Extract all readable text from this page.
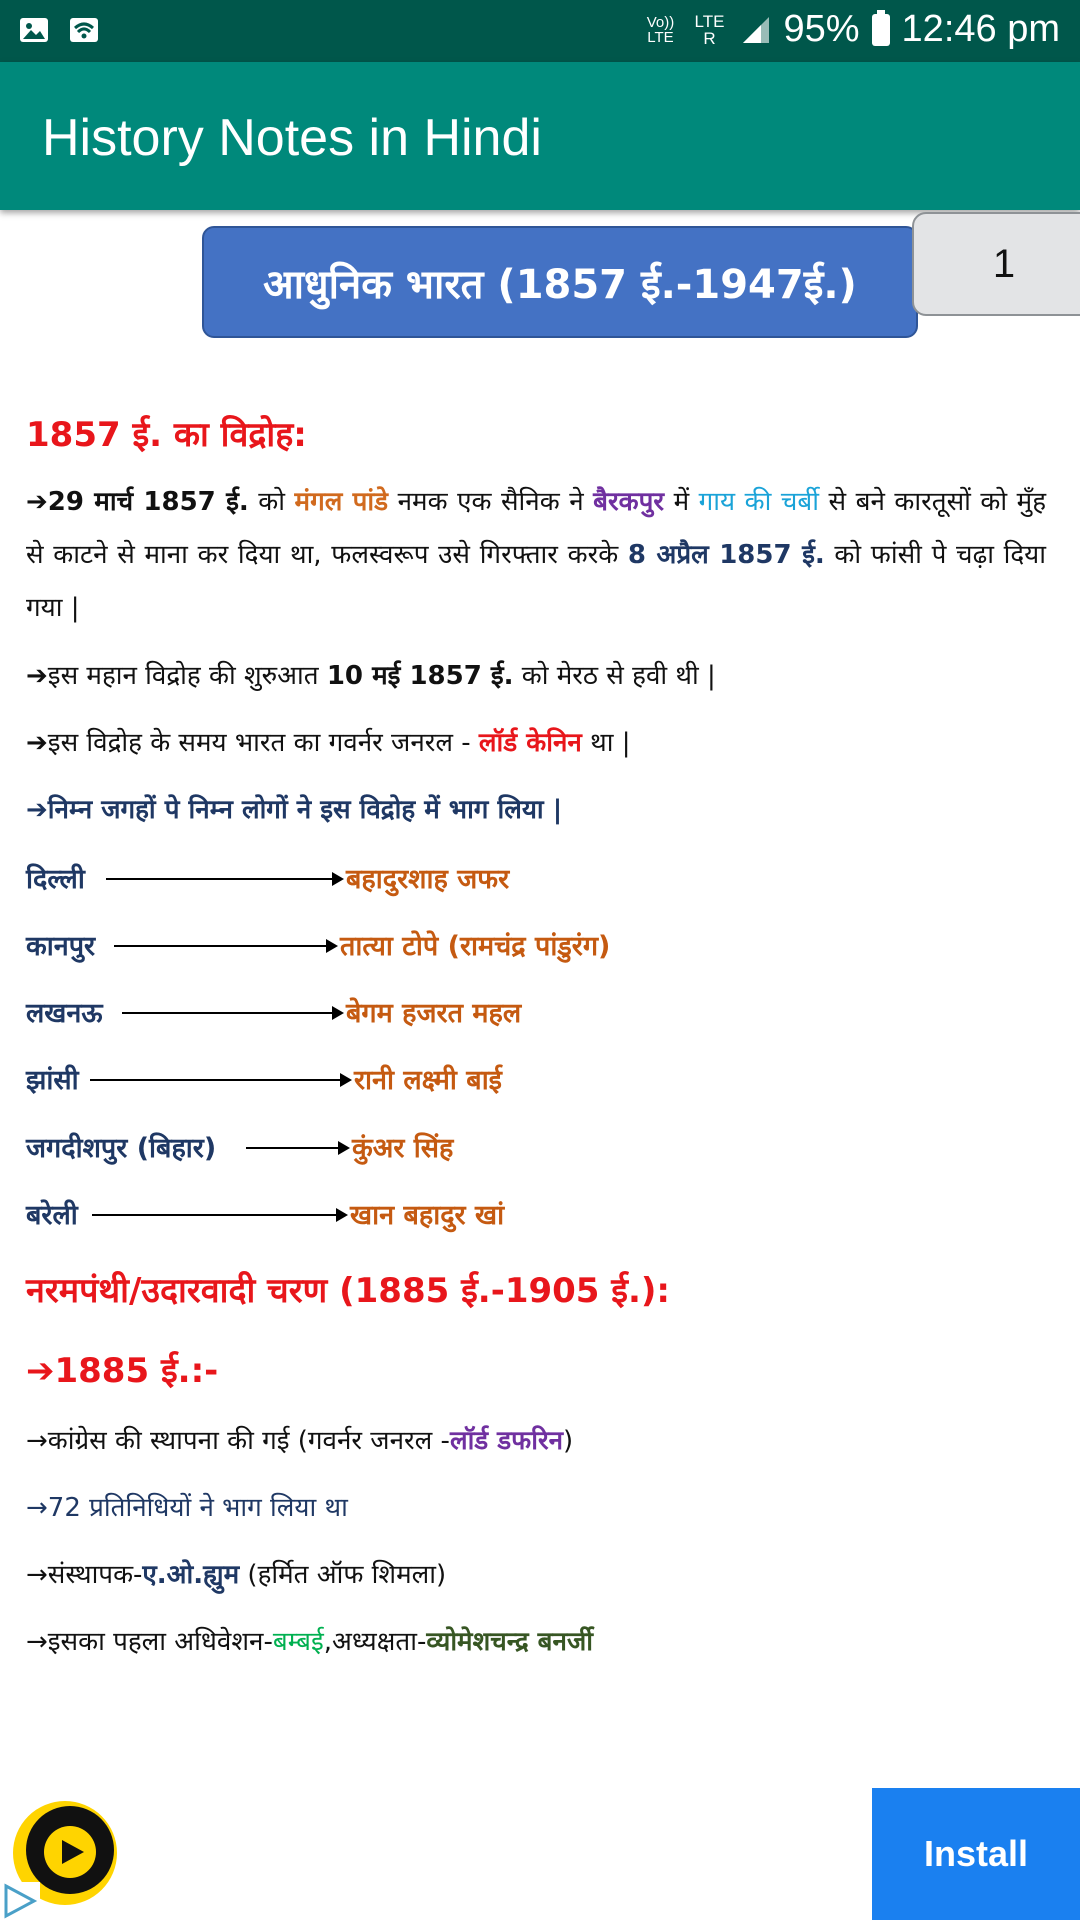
Vo)) LTE
LTE R	95% 12:46 pm
History Notes in Hindi
आधुनिक भारत (1857 ई.-1947ई.)	1
1857 ई. का विद्रोह:

➔29 मार्च 1857 ई. को मंगल पांडे नमक एक सैनिक ने बैरकपुर में गाय की चर्बी से बने कारतूसों को मुँह से काटने से माना कर दिया था, फलस्वरूप उसे गिरफ्तार करके 8 अप्रैल 1857 ई. को फांसी पे चढ़ा दिया गया |

➔इस महान विद्रोह की शुरुआत 10 मई 1857 ई. को मेरठ से हवी थी |

➔इस विद्रोह के समय भारत का गवर्नर जनरल - लॉर्ड केनिन था |

➔निम्न जगहों पे निम्न लोगों ने इस विद्रोह में भाग लिया |

दिल्ली	बहादुरशाह जफर
कानपुर	तात्या टोपे (रामचंद्र पांडुरंग)
लखनऊ	बेगम हजरत महल
झांसी	रानी लक्ष्मी बाई
जगदीशपुर (बिहार)	कुंअर सिंह
बरेली	खान बहादुर खां
नरमपंथी/उदारवादी चरण (1885 ई.-1905 ई.):
➔1885 ई.:-

→कांग्रेस की स्थापना की गई (गवर्नर जनरल -लॉर्ड डफरिन)

→72 प्रतिनिधियों ने भाग लिया था

→संस्थापक-ए.ओ.ह्युम (हर्मित ऑफ शिमला)

→इसका पहला अधिवेशन-बम्बई,अध्यक्षता-व्योमेशचन्द्र बनर्जी

Install
